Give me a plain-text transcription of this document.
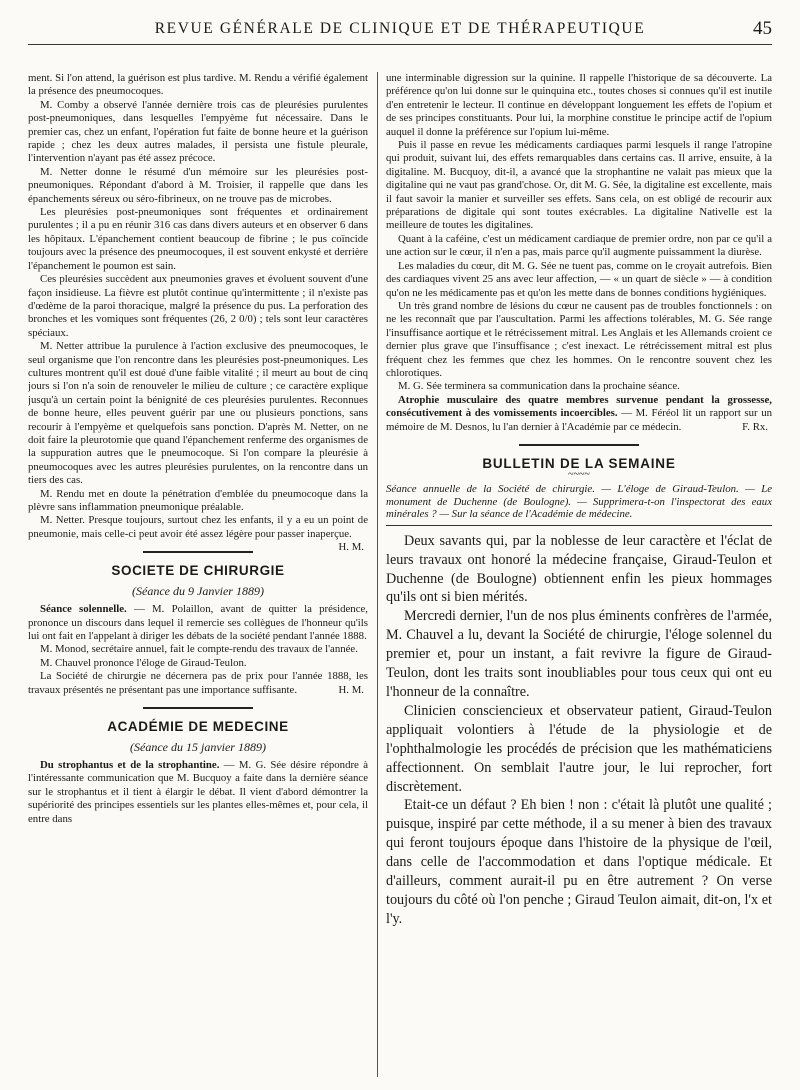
REVUE GÉNÉRALE DE CLINIQUE ET DE THÉRAPEUTIQUE	45

ment. Si l'on attend, la guérison est plus tardive. M. Rendu a vérifié également la présence des pneumocoques.

M. Comby a observé l'année dernière trois cas de pleurésies purulentes post-pneumoniques, dans lesquelles l'empyème fut nécessaire. Dans le premier cas, chez un enfant, l'opération fut faite de bonne heure et la guérison rapide ; chez les deux autres malades, il persista une fistule pleurale, l'intervention n'ayant pas été assez précoce.

M. Netter donne le résumé d'un mémoire sur les pleurésies post-pneumoniques. Répondant d'abord à M. Troisier, il rappelle que dans les épanchements séreux ou séro-fibrineux, on ne trouve pas de microbes.

Les pleurésies post-pneumoniques sont fréquentes et ordinairement purulentes ; il a pu en réunir 316 cas dans divers auteurs et en observer 6 dans les hôpitaux. L'épanchement contient beaucoup de fibrine ; le pus coïncide toujours avec la présence des pneumocoques, il est souvent enkysté et derrière l'épanchement le poumon est sain.

Ces pleurésies succèdent aux pneumonies graves et évoluent souvent d'une façon insidieuse. La fièvre est plutôt continue qu'intermittente ; il n'existe pas d'œdème de la paroi thoracique, malgré la présence du pus. La perforation des bronches et les vomiques sont fréquentes (26, 2 0/0) ; tels sont leur caractères spéciaux.

M. Netter attribue la purulence à l'action exclusive des pneumocoques, le seul organisme que l'on rencontre dans les pleurésies post-pneumoniques. Les cultures montrent qu'il est doué d'une faible vitalité ; il meurt au bout de cinq jours si l'on n'a soin de renouveler le milieu de culture ; ce caractère explique jusqu'à un certain point la bénignité de ces pleurésies purulentes. Reconnues de bonne heure, elles peuvent guérir par une ou plusieurs ponctions, sans recourir à l'empyème et quelquefois sans ponction. D'après M. Netter, on ne doit faire la pleurotomie que quand l'épanchement renferme des organismes de la suppuration autres que le pneumocoque. Si l'on compare la pleurésie à pneumocoques avec les autres pleurésies purulentes, on la rencontre dans un tiers des cas.

M. Rendu met en doute la pénétration d'emblée du pneumocoque dans la plèvre sans inflammation pneumonique préalable.

M. Netter. Presque toujours, surtout chez les enfants, il y a eu un point de pneumonie, mais celle-ci peut avoir été assez légère pour passer inaperçue.
H. M.

SOCIETE DE CHIRURGIE
(Séance du 9 Janvier 1889)

Séance solennelle. — M. Polaillon, avant de quitter la présidence, prononce un discours dans lequel il remercie ses collègues de l'honneur qu'ils lui ont fait en l'appelant à diriger les débats de la société pendant l'année 1888.

M. Monod, secrétaire annuel, fait le compte-rendu des travaux de l'année.

M. Chauvel prononce l'éloge de Giraud-Teulon.

La Société de chirurgie ne décernera pas de prix pour l'année 1888, les travaux présentés ne présentant pas une importance suffisante.	H. M.

ACADÉMIE DE MEDECINE
(Séance du 15 janvier 1889)

Du strophantus et de la strophantine. — M. G. Sée désire répondre à l'intéressante communication que M. Bucquoy a faite dans la dernière séance sur le strophantus et il tient à élargir le débat. Il vient d'abord démontrer la supériorité des principes essentiels sur les plantes elles-mêmes et, pour cela, il entre dans

une interminable digression sur la quinine. Il rappelle l'historique de sa découverte. La préférence qu'on lui donne sur le quinquina etc., toutes choses si connues qu'il est inutile d'en entretenir le lecteur. Il continue en développant longuement les effets de l'opium et de ses principes constituants. Pour lui, la morphine constitue le principe actif de l'opium auquel il donne la préférence sur l'opium lui-même.

Puis il passe en revue les médicaments cardiaques parmi lesquels il range l'atropine qui produit, suivant lui, des effets remarquables dans certains cas. Il arrive, ensuite, à la digitaline. M. Bucquoy, dit-il, a avancé que la strophantine ne valait pas mieux que la digitaline qui ne vaut pas grand'chose. Or, dit M. G. Sée, la digitaline est excellente, mais il faut savoir la manier et surveiller ses effets. Sans cela, on est obligé de recourir aux préparations de digitale qui sont toutes exécrables. La digitaline Nativelle est la meilleure de toutes les digitalines.

Quant à la caféine, c'est un médicament cardiaque de premier ordre, non par ce qu'il a une action sur le cœur, il n'en a pas, mais parce qu'il augmente puissamment la diurèse.

Les maladies du cœur, dit M. G. Sée ne tuent pas, comme on le croyait autrefois. Bien des cardiaques vivent 25 ans avec leur affection, — « un quart de siècle » — à condition qu'on ne les médicamente pas et qu'on les mette dans de bonnes conditions hygiéniques.

Un très grand nombre de lésions du cœur ne causent pas de troubles fonctionnels : on ne les reconnaît que par l'auscultation. Parmi les affections tolérables, M. G. Sée range l'insuffisance aortique et le rétrécissement mitral. Les Anglais et les Allemands croient ce dernier plus grave que l'insuffisance ; c'est inexact. Le rétrécissement mitral est plus fréquent chez les femmes que chez les hommes. On le rencontre souvent chez les chlorotiques.

M. G. Sée terminera sa communication dans la prochaine séance.

Atrophie musculaire des quatre membres survenue pendant la grossesse, consécutivement à des vomissements incoercibles. — M. Féréol lit un rapport sur un mémoire de M. Desnos, lu l'an dernier à l'Académie par ce médecin.	F. Rx.

BULLETIN DE LA SEMAINE
~~~~

Séance annuelle de la Société de chirurgie. — L'éloge de Giraud-Teulon. — Le monument de Duchenne (de Boulogne). — Supprimera-t-on l'inspectorat des eaux minérales ? — Sur la séance de l'Académie de médecine.

Deux savants qui, par la noblesse de leur caractère et l'éclat de leurs travaux ont honoré la médecine française, Giraud-Teulon et Duchenne (de Boulogne) obtiennent enfin les pieux hommages qu'ils ont si bien mérités.

Mercredi dernier, l'un de nos plus éminents confrères de l'armée, M. Chauvel a lu, devant la Société de chirurgie, l'éloge solennel du premier et, pour un instant, a fait revivre la figure de Giraud-Teulon, dont les traits sont inoubliables pour tous ceux qui ont eu l'honneur de la connaître.

Clinicien consciencieux et observateur patient, Giraud-Teulon appliquait volontiers à l'étude de la physiologie et de l'ophthalmologie les procédés de précision que les mathématiciens affectionnent. On semblait l'autre jour, le lui reprocher, fort discrètement.

Etait-ce un défaut ? Eh bien ! non : c'était là plutôt une qualité ; puisque, inspiré par cette méthode, il a su mener à bien des travaux qui feront toujours époque dans l'histoire de la physique de l'œil, dans celle de l'accommodation et dans l'optique médicale. Et d'ailleurs, comment aurait-il pu en être autrement ? On verse toujours du côté où l'on penche ; Giraud Teulon aimait, dit-on, l'x et l'y.
